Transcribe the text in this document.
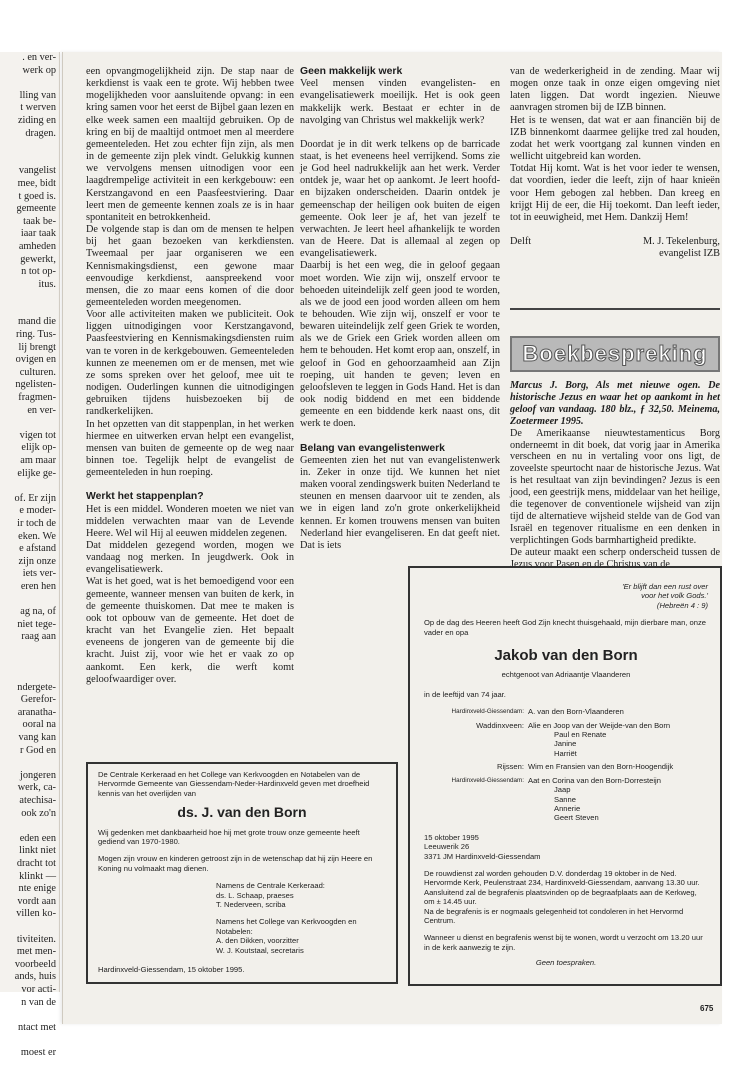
. en ver-

werk op

lling van

t werven

ziding en

dragen.

vangelist

mee, bidt

t goed is.

gemeente

taak be-

iaar taak

amheden

gewerkt,

n tot op-

itus.

mand die

ring. Tus-

lij brengt

ovigen en

culturen.

ngelisten-

fragmen-

en ver-

vigen tot

elijk op-

am maar

elijke ge-

of. Er zijn

e moder-

ir toch de

eken. We

e afstand

zijn onze

iets ver-

eren hen

ag na, of

niet tege-

raag aan

ndergete-

Gerefor-

aranatha-

ooral na

vang kan

r God en

jongeren

werk, ca-

atechisa-

ook zo'n

eden een

linkt niet

dracht tot

klinkt —

nte enige

vordt aan

villen ko-

tiviteiten.

met men-

voorbeeld

ands, huis

vor acti-

n van de

ntact met

moest er

een opvangmogelijkheid zijn. De stap naar de kerkdienst is vaak een te grote. Wij hebben twee mogelijkheden voor aansluitende opvang: in een kring samen voor het eerst de Bijbel gaan lezen en elke week samen een maaltijd gebruiken. Op de kring en bij de maaltijd ontmoet men al meerdere gemeenteleden. Het zou echter fijn zijn, als men in de gemeente zijn plek vindt. Gelukkig kunnen we vervolgens mensen uitnodigen voor een laagdrempelige activiteit in een kerkgebouw: een Kerstzangavond en een Paasfeestviering. Daar leert men de gemeente kennen zoals ze is in haar spontaniteit en betrokkenheid.

De volgende stap is dan om de mensen te helpen bij het gaan bezoeken van kerkdiensten. Tweemaal per jaar organiseren we een Kennismakingsdienst, een gewone maar eenvoudige kerkdienst, aanspreekend voor mensen, die zo maar eens komen of die door gemeenteleden worden meegenomen.

Voor alle activiteiten maken we publiciteit. Ook liggen uitnodigingen voor Kerstzangavond, Paasfeestviering en Kennismakingsdiensten ruim van te voren in de kerkgebouwen. Gemeenteleden kunnen ze meenemen om er de mensen, met wie ze soms spreken over het geloof, mee uit te nodigen. Ouderlingen kunnen die uitnodigingen gebruiken tijdens huisbezoeken bij de randkerkelijken.

In het opzetten van dit stappenplan, in het werken hiermee en uitwerken ervan helpt een evangelist, mensen van buiten de gemeente op de weg naar binnen toe. Tegelijk helpt de evangelist de gemeenteleden in hun roeping.

Werkt het stappenplan?

Het is een middel. Wonderen moeten we niet van middelen verwachten maar van de Levende Heere. Wel wil Hij al eeuwen middelen zegenen.

Dat middelen gezegend worden, mogen we vandaag nog merken. In jeugdwerk. Ook in evangelisatiewerk.

Wat is het goed, wat is het bemoedigend voor een gemeente, wanneer mensen van buiten de kerk, in de gemeente thuiskomen. Dat mee te maken is ook tot opbouw van de gemeente. Het doet de kracht van het Evangelie zien. Het bepaalt eveneens de jongeren van de gemeente bij die kracht. Juist zij, voor wie het er vaak zo op aankomt. Een kerk, die werft komt geloofwaardiger over.

Geen makkelijk werk

Veel mensen vinden evangelisten- en evangelisatiewerk moeilijk. Het is ook geen makkelijk werk. Bestaat er echter in de navolging van Christus wel makkelijk werk?

Doordat je in dit werk telkens op de barricade staat, is het eveneens heel verrijkend. Soms zie je God heel nadrukkelijk aan het werk. Verder ontdek je, waar het op aankomt. Je leert hoofd- en bijzaken onderscheiden. Daarin ontdek je gemeenschap der heiligen ook buiten de eigen gemeente. Ook leer je af, het van jezelf te verwachten. Je leert heel afhankelijk te worden van de Heere. Dat is allemaal al zegen op evangelisatiewerk.

Daarbij is het een weg, die in geloof gegaan moet worden. Wie zijn wij, onszelf ervoor te behoeden uiteindelijk zelf geen jood te worden, als we de jood een jood worden alleen om hem te behouden. Wie zijn wij, onszelf er voor te bewaren uiteindelijk zelf geen Griek te worden, als we de Griek een Griek worden alleen om hem te behouden. Het komt erop aan, onszelf, in geloof in God en gehoorzaamheid aan Zijn roeping, uit handen te geven; leven en geloofsleven te leggen in Gods Hand. Het is dan ook nodig biddend en met een biddende gemeente en een biddende kerk naast ons, dit werk te doen.

Belang van evangelistenwerk

Gemeenten zien het nut van evangelistenwerk in. Zeker in onze tijd. We kunnen het niet maken vooral zendingswerk buiten Nederland te steunen en mensen daarvoor uit te zenden, als we in eigen land zo'n grote onkerkelijkheid kennen. Er komen trouwens mensen van buiten Nederland hier evangeliseren. En dat geeft niet. Dat is iets

van de wederkerigheid in de zending. Maar wij mogen onze taak in onze eigen omgeving niet laten liggen. Dat wordt ingezien. Nieuwe aanvragen stromen bij de IZB binnen.

Het is te wensen, dat wat er aan financiën bij de IZB binnenkomt daarmee gelijke tred zal houden, zodat het werk voortgang zal kunnen vinden en wellicht uitgebreid kan worden.

Totdat Hij komt. Wat is het voor ieder te wensen, dat voordien, ieder die leeft, zijn of haar knieën voor Hem gebogen zal hebben. Dan kreeg en krijgt Hij de eer, die Hij toekomt. Dan leeft ieder, tot in eeuwigheid, met Hem. Dankzij Hem!

Delft	M. J. Tekelenburg,
evangelist IZB
Boekbespreking

Marcus J. Borg, Als met nieuwe ogen. De historische Jezus en waar het op aankomt in het geloof van vandaag. 180 blz., ƒ 32,50. Meinema, Zoetermeer 1995.

De Amerikaanse nieuwtestamenticus Borg onderneemt in dit boek, dat vorig jaar in Amerika verscheen en nu in vertaling voor ons ligt, de zoveelste speurtocht naar de historische Jezus. Wat is het resultaat van zijn bevindingen? Jezus is een jood, een geestrijk mens, middelaar van het heilige, die tegenover de conventionele wijsheid van zijn tijd de alternatieve wijsheid stelde van de God van Israël en tegenover ritualisme en een denken in verplichtingen Gods barmhartigheid predikte.

De auteur maakt een scherp onderscheid tussen de Jezus voor Pasen en de Christus van de

'Er blijft dan een rust over
voor het volk Gods.'
(Hebreën 4 : 9)
Op de dag des Heeren heeft God Zijn knecht thuisgehaald, mijn dierbare man, onze vader en opa
Jakob van den Born
echtgenoot van Adriaantje Vlaanderen
in de leeftijd van 74 jaar.
Hardinxveld-Giessendam: A. van den Born-Vlaanderen
Waddinxveen: Alie en Joop van der Weijde-van den Born
Paul en Renate
Janine
Harriët
Rijssen: Wim en Fransien van den Born-Hoogendijk
Hardinxveld-Giessendam: Aat en Corina van den Born-Dorresteijn
Jaap
Sanne
Annerie
Geert Steven
15 oktober 1995
Leeuwerik 26
3371 JM Hardinxveld-Giessendam
De rouwdienst zal worden gehouden D.V. donderdag 19 oktober in de Ned. Hervormde Kerk, Peulenstraat 234, Hardinxveld-Giessendam, aanvang 13.30 uur.
Aansluitend zal de begrafenis plaatsvinden op de begraafplaats aan de Kerkweg, om ± 14.45 uur.
Na de begrafenis is er nogmaals gelegenheid tot condoleren in het Hervormd Centrum.
Wanneer u dienst en begrafenis wenst bij te wonen, wordt u verzocht om 13.20 uur in de kerk aanwezig te zijn.
Geen toespraken.
De Centrale Kerkeraad en het College van Kerkvoogden en Notabelen van de Hervormde Gemeente van Giessendam-Neder-Hardinxveld geven met droefheid kennis van het overlijden van
ds. J. van den Born
Wij gedenken met dankbaarheid hoe hij met grote trouw onze gemeente heeft gediend van 1970-1980.
Mogen zijn vrouw en kinderen getroost zijn in de wetenschap dat hij zijn Heere en Koning nu volmaakt mag dienen.
Namens de Centrale Kerkeraad:
ds. L. Schaap, praeses
T. Nederveen, scriba
Namens het College van Kerkvoogden en Notabelen:
A. den Dikken, voorzitter
W. J. Koutstaal, secretaris
Hardinxveld-Giessendam, 15 oktober 1995.
675
